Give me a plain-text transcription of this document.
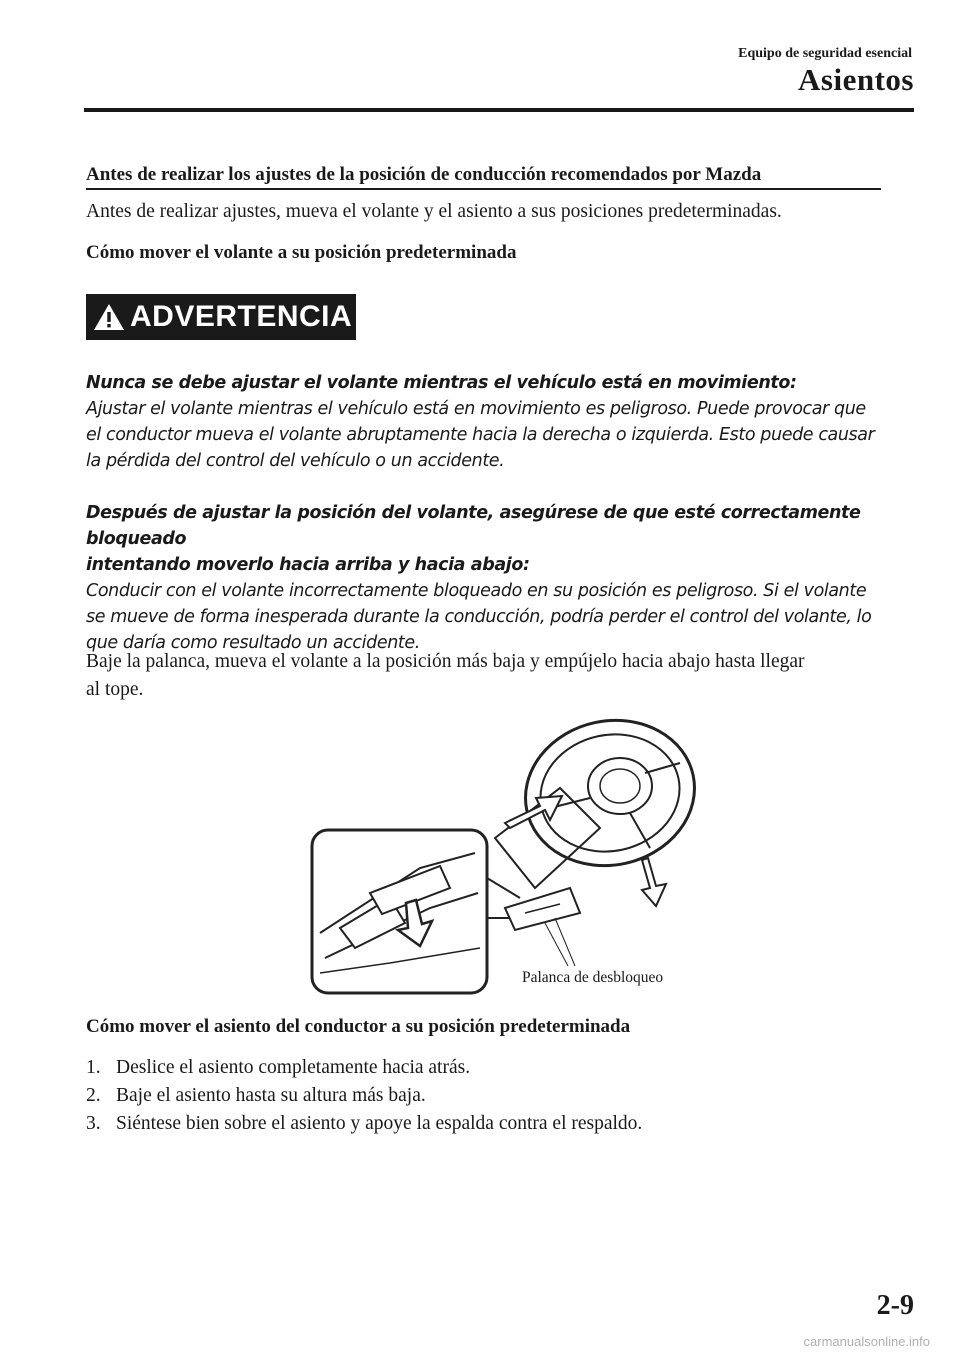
Equipo de seguridad esencial
Asientos
Antes de realizar los ajustes de la posición de conducción recomendados por Mazda
Antes de realizar ajustes, mueva el volante y el asiento a sus posiciones predeterminadas.
Cómo mover el volante a su posición predeterminada
ADVERTENCIA
Nunca se debe ajustar el volante mientras el vehículo está en movimiento:
Ajustar el volante mientras el vehículo está en movimiento es peligroso. Puede provocar que
el conductor mueva el volante abruptamente hacia la derecha o izquierda. Esto puede causar
la pérdida del control del vehículo o un accidente.
Después de ajustar la posición del volante, asegúrese de que esté correctamente bloqueado
intentando moverlo hacia arriba y hacia abajo:
Conducir con el volante incorrectamente bloqueado en su posición es peligroso. Si el volante
se mueve de forma inesperada durante la conducción, podría perder el control del volante, lo
que daría como resultado un accidente.
Baje la palanca, mueva el volante a la posición más baja y empújelo hacia abajo hasta llegar
al tope.
Palanca de desbloqueo
Cómo mover el asiento del conductor a su posición predeterminada
1. Deslice el asiento completamente hacia atrás.
2. Baje el asiento hasta su altura más baja.
3. Siéntese bien sobre el asiento y apoye la espalda contra el respaldo.
2-9
carmanualsonline.info
